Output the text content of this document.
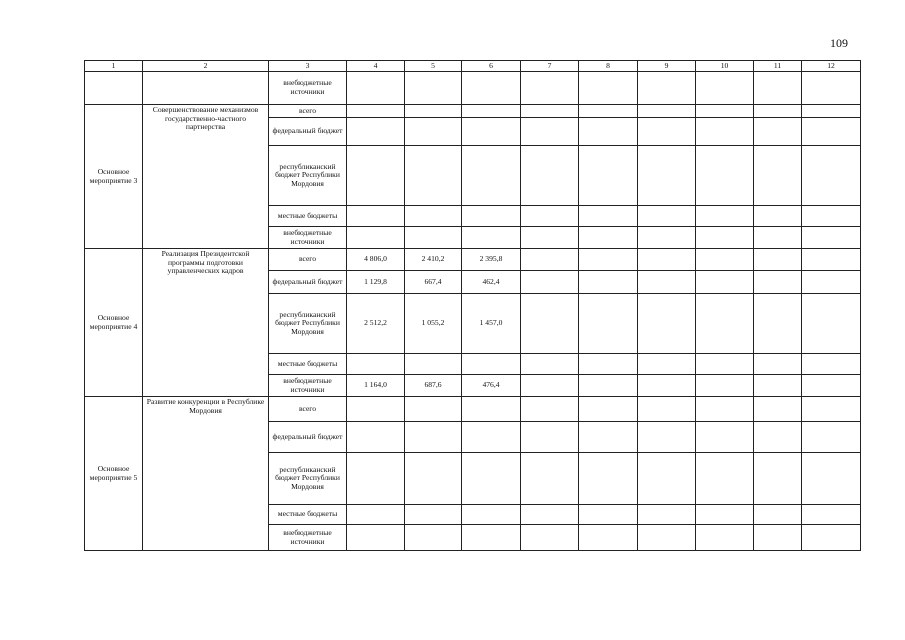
109
1	2	3	4	5	6	7	8	9	10	11	12
		внебюджетные источники									
Основное мероприятие 3	Совершенствование механизмов государственно-частного партнерства	всего									
		федеральный бюджет									
		республиканский бюджет Республики Мордовия									
		местные бюджеты									
		внебюджетные источники									
Основное мероприятие 4	Реализация Президентской программы подготовки управленческих кадров	всего	4 806,0	2 410,2	2 395,8						
		федеральный бюджет	1 129,8	667,4	462,4						
		республиканский бюджет Республики Мордовия	2 512,2	1 055,2	1 457,0						
		местные бюджеты									
		внебюджетные источники	1 164,0	687,6	476,4						
Основное мероприятие 5	Развитие конкуренции в Республике Мордовия	всего									
		федеральный бюджет									
		республиканский бюджет Республики Мордовия									
		местные бюджеты									
		внебюджетные источники									
